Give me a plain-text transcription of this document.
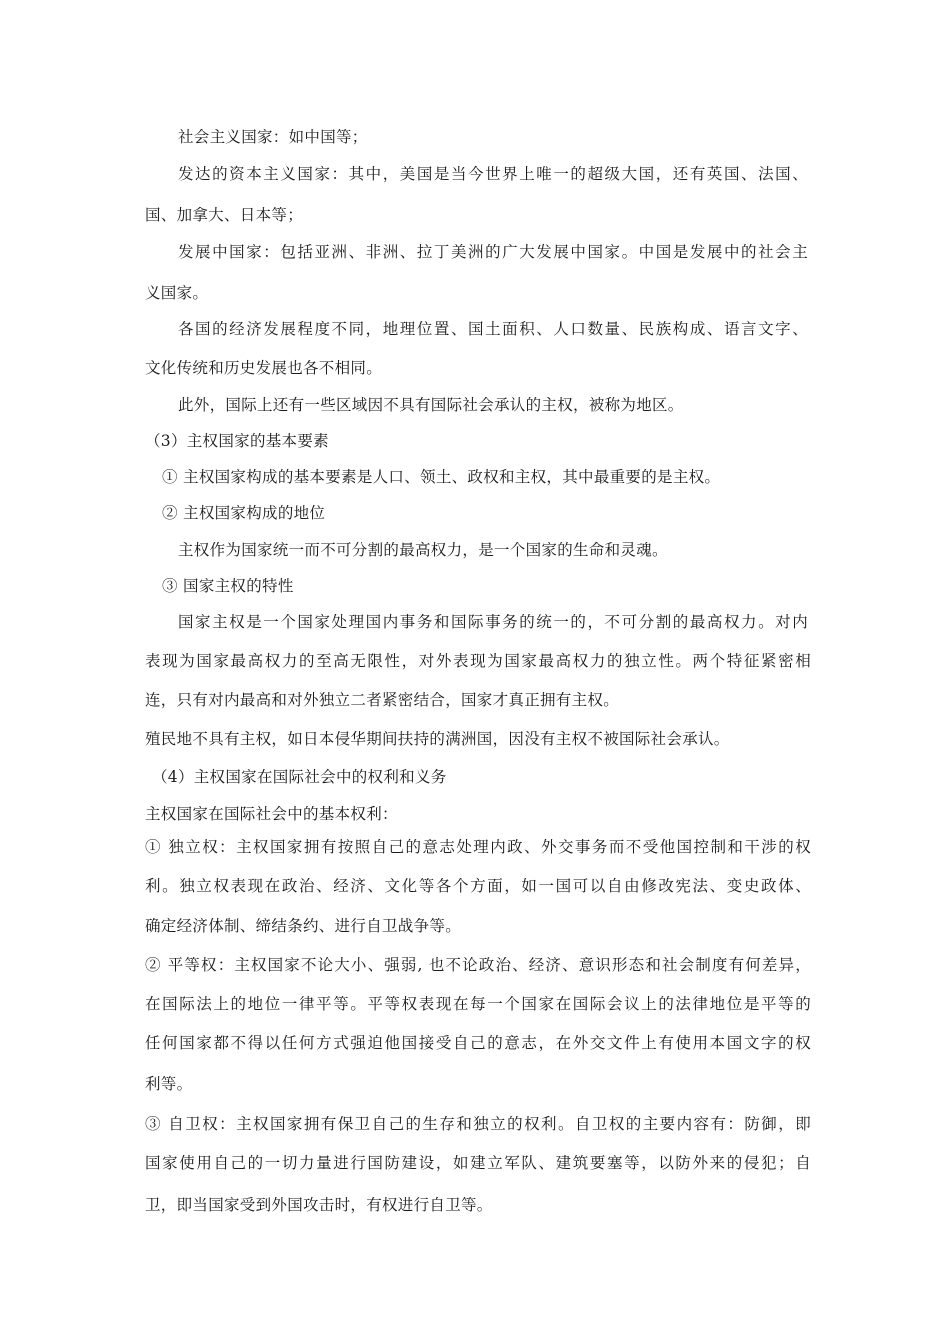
社会主义国家：如中国等；
发达的资本主义国家：其中，美国是当今世界上唯一的超级大国，还有英国、法国、
国、加拿大、日本等；
发展中国家：包括亚洲、非洲、拉丁美洲的广大发展中国家。中国是发展中的社会主
义国家。
各国的经济发展程度不同，地理位置、国土面积、人口数量、民族构成、语言文字、
文化传统和历史发展也各不相同。
此外，国际上还有一些区域因不具有国际社会承认的主权，被称为地区。
（3）主权国家的基本要素
① 主权国家构成的基本要素是人口、领土、政权和主权，其中最重要的是主权。
② 主权国家构成的地位
主权作为国家统一而不可分割的最高权力，是一个国家的生命和灵魂。
③ 国家主权的特性
国家主权是一个国家处理国内事务和国际事务的统一的，不可分割的最高权力。对内
表现为国家最高权力的至高无限性，对外表现为国家最高权力的独立性。两个特征紧密相
连，只有对内最高和对外独立二者紧密结合，国家才真正拥有主权。
殖民地不具有主权，如日本侵华期间扶持的满洲国，因没有主权不被国际社会承认。
（4）主权国家在国际社会中的权利和义务
主权国家在国际社会中的基本权利：
① 独立权：主权国家拥有按照自己的意志处理内政、外交事务而不受他国控制和干涉的权
利。独立权表现在政治、经济、文化等各个方面，如一国可以自由修改宪法、变史政体、
确定经济体制、缔结条约、进行自卫战争等。
② 平等权：主权国家不论大小、强弱, 也不论政治、经济、意识形态和社会制度有何差异，
在国际法上的地位一律平等。平等权表现在每一个国家在国际会议上的法律地位是平等的
任何国家都不得以任何方式强迫他国接受自己的意志，在外交文件上有使用本国文字的权
利等。
③ 自卫权：主权国家拥有保卫自己的生存和独立的权利。自卫权的主要内容有：防御，即
国家使用自己的一切力量进行国防建设，如建立军队、建筑要塞等，以防外来的侵犯；自
卫，即当国家受到外国攻击时，有权进行自卫等。
